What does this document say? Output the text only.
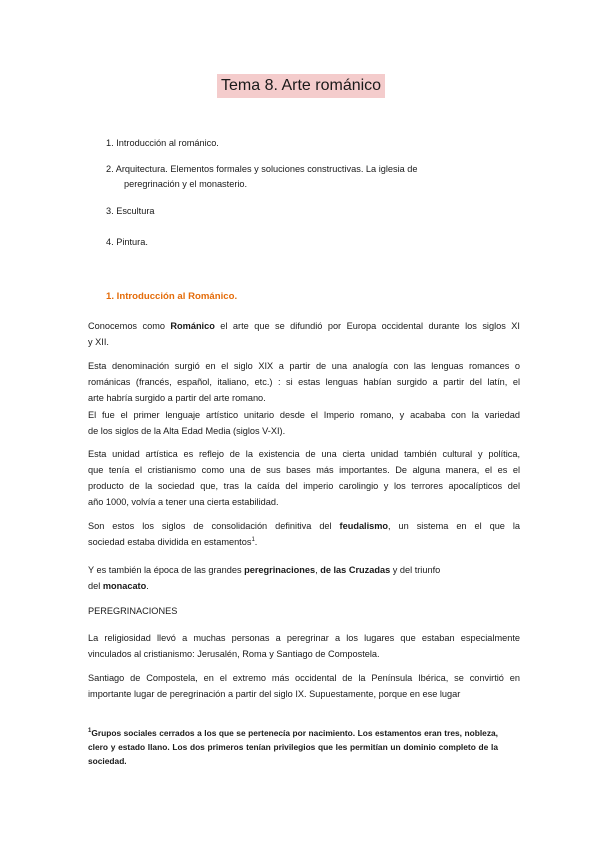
Tema 8. Arte románico
1. Introducción al románico.
2. Arquitectura. Elementos formales y soluciones constructivas. La iglesia de
peregrinación y el monasterio.
3. Escultura
4. Pintura.
1. Introducción al Románico.
Conocemos como Románico el arte que se difundió por Europa occidental durante los siglos XI
y XII.
Esta denominación surgió en el siglo XIX a partir de una analogía con las lenguas romances o
románicas (francés, español, italiano, etc.) : si estas lenguas habían surgido a partir del latín, el
arte habría surgido a partir del arte romano.
El fue el primer lenguaje artístico unitario desde el Imperio romano, y acababa con la variedad
de los siglos de la Alta Edad Media (siglos V-XI).
Esta unidad artística es reflejo de la existencia de una cierta unidad también cultural y política,
que tenía el cristianismo como una de sus bases más importantes. De alguna manera, el es el
producto de la sociedad que, tras la caída del imperio carolingio y los terrores apocalípticos del
año 1000, volvía a tener una cierta estabilidad.
Son estos los siglos de consolidación definitiva del feudalismo, un sistema en el que la
sociedad estaba dividida en estamentos$^1$.
Y es también la época de las grandes peregrinaciones, de las Cruzadas y del triunfo
del monacato.
PEREGRINACIONES
La religiosidad llevó a muchas personas a peregrinar a los lugares que estaban especialmente
vinculados al cristianismo: Jerusalén, Roma y Santiago de Compostela.
Santiago de Compostela, en el extremo más occidental de la Península Ibérica, se convirtió en
importante lugar de peregrinación a partir del siglo IX. Supuestamente, porque en ese lugar
$^1$Grupos sociales cerrados a los que se pertenecía por nacimiento. Los estamentos eran tres, nobleza,
clero y estado llano. Los dos primeros tenían privilegios que les permitían un dominio completo de la
sociedad.
